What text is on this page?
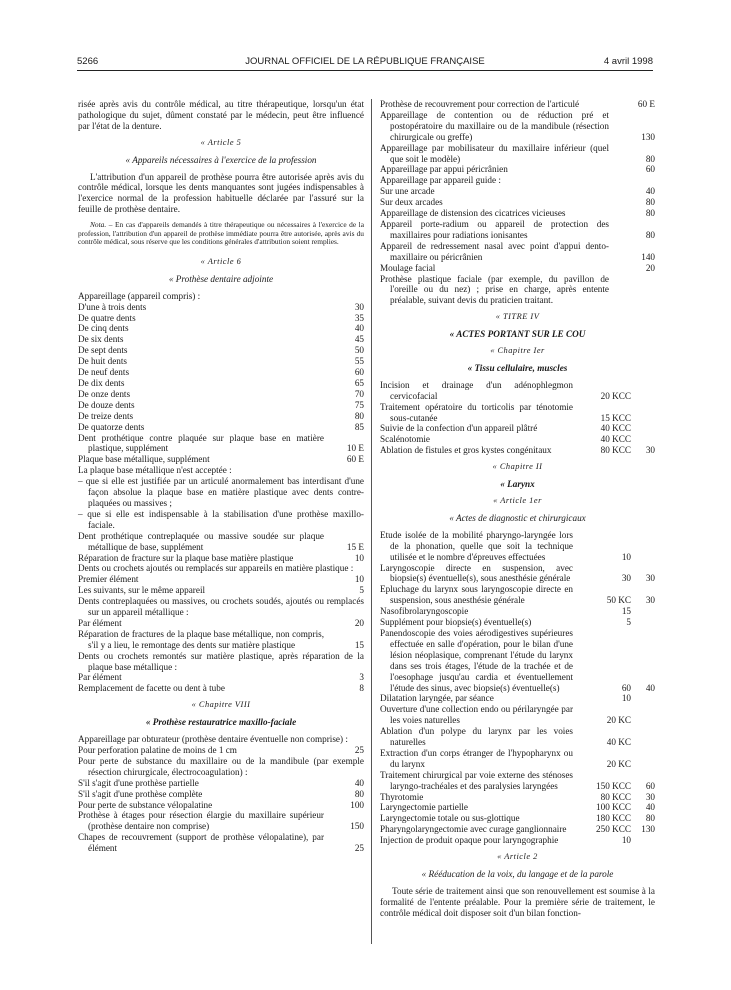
5266	JOURNAL OFFICIEL DE LA RÉPUBLIQUE FRANÇAISE	4 avril 1998

risée après avis du contrôle médical, au titre thérapeutique, lorsqu'un état pathologique du sujet, dûment constaté par le médecin, peut être influencé par l'état de la denture.

« Article 5

« Appareils nécessaires à l'exercice de la profession

L'attribution d'un appareil de prothèse pourra être autorisée après avis du contrôle médical, lorsque les dents manquantes sont jugées indispensables à l'exercice normal de la profession habituelle déclarée par l'assuré sur la feuille de prothèse dentaire.

Nota. – En cas d'appareils demandés à titre thérapeutique ou nécessaires à l'exercice de la profession, l'attribution d'un appareil de prothèse immédiate pourra être autorisée, après avis du contrôle médical, sous réserve que les conditions générales d'attribution soient remplies.

« Article 6

« Prothèse dentaire adjointe

Appareillage (appareil compris) :

D'une à trois dents	30
De quatre dents	35
De cinq dents	40
De six dents	45
De sept dents	50
De huit dents	55
De neuf dents	60
De dix dents	65
De onze dents	70
De douze dents	75
De treize dents	80
De quatorze dents	85
Dent prothétique contre plaquée sur plaque base en matière plastique, supplément	10 E
Plaque base métallique, supplément	60 E

La plaque base métallique n'est acceptée :

– que si elle est justifiée par un articulé anormalement bas interdisant d'une façon absolue la plaque base en matière plastique avec dents contre-plaquées ou massives ;

– que si elle est indispensable à la stabilisation d'une prothèse maxillo-faciale.

Dent prothétique contreplaquée ou massive soudée sur plaque métallique de base, supplément	15 E
Réparation de fracture sur la plaque base matière plastique	10

Dents ou crochets ajoutés ou remplacés sur appareils en matière plastique :

Premier élément	10
Les suivants, sur le même appareil	5

Dents contreplaquées ou massives, ou crochets soudés, ajoutés ou remplacés sur un appareil métallique :

Par élément	20
Réparation de fractures de la plaque base métallique, non compris, s'il y a lieu, le remontage des dents sur matière plastique	15

Dents ou crochets remontés sur matière plastique, après réparation de la plaque base métallique :

Par élément	3
Remplacement de facette ou dent à tube	8

« Chapitre VIII

« Prothèse restauratrice maxillo-faciale

Appareillage par obturateur (prothèse dentaire éventuelle non comprise) :

Pour perforation palatine de moins de 1 cm	25

Pour perte de substance du maxillaire ou de la mandibule (par exemple résection chirurgicale, électrocoagulation) :

S'il s'agit d'une prothèse partielle	40
S'il s'agit d'une prothèse complète	80
Pour perte de substance vélopalatine	100
Prothèse à étages pour résection élargie du maxillaire supérieur (prothèse dentaire non comprise)	150
Chapes de recouvrement (support de prothèse vélopalatine), par élément	25
Prothèse de recouvrement pour correction de l'articulé	60 E
Appareillage de contention ou de réduction pré et postopératoire du maxillaire ou de la mandibule (résection chirurgicale ou greffe)	130
Appareillage par mobilisateur du maxillaire inférieur (quel que soit le modèle)	80
Appareillage par appui péricrânien	60

Appareillage par appareil guide :

Sur une arcade	40
Sur deux arcades	80
Appareillage de distension des cicatrices vicieuses	80
Appareil porte-radium ou appareil de protection des maxillaires pour radiations ionisantes	80
Appareil de redressement nasal avec point d'appui dento-maxillaire ou péricrânien	140
Moulage facial	20

Prothèse plastique faciale (par exemple, du pavillon de l'oreille ou du nez) ; prise en charge, après entente préalable, suivant devis du praticien traitant.

« TITRE IV

« ACTES PORTANT SUR LE COU

« Chapitre Ier

« Tissu cellulaire, muscles

Incision et drainage d'un adénophlegmon cervicofacial	20 KCC
Traitement opératoire du torticolis par ténotomie sous-cutanée	15 KCC
Suivie de la confection d'un appareil plâtré	40 KCC
Scalénotomie	40 KCC
Ablation de fistules et gros kystes congénitaux	80 KCC	30

« Chapitre II

« Larynx

« Article 1er

« Actes de diagnostic et chirurgicaux

Etude isolée de la mobilité pharyngo-laryngée lors de la phonation, quelle que soit la technique utilisée et le nombre d'épreuves effectuées	10
Laryngoscopie directe en suspension, avec biopsie(s) éventuelle(s), sous anesthésie générale	30	30
Epluchage du larynx sous laryngoscopie directe en suspension, sous anesthésie générale	50 KC	30
Nasofibrolaryngoscopie	15
Supplément pour biopsie(s) éventuelle(s)	5
Panendoscopie des voies aérodigestives supérieures effectuée en salle d'opération, pour le bilan d'une lésion néoplasique, comprenant l'étude du larynx dans ses trois étages, l'étude de la trachée et de l'oesophage jusqu'au cardia et éventuellement l'étude des sinus, avec biopsie(s) éventuelle(s)	60	40
Dilatation laryngée, par séance	10
Ouverture d'une collection endo ou périlaryngée par les voies naturelles	20 KC
Ablation d'un polype du larynx par les voies naturelles	40 KC
Extraction d'un corps étranger de l'hypopharynx ou du larynx	20 KC
Traitement chirurgical par voie externe des sténoses laryngo-trachéales et des paralysies laryngées	150 KCC	60
Thyrotomie	80 KCC	30
Laryngectomie partielle	100 KCC	40
Laryngectomie totale ou sus-glottique	180 KCC	80
Pharyngolaryngectomie avec curage ganglionnaire	250 KCC	130
Injection de produit opaque pour laryngographie	10

« Article 2

« Rééducation de la voix, du langage et de la parole

Toute série de traitement ainsi que son renouvellement est soumise à la formalité de l'entente préalable. Pour la première série de traitement, le contrôle médical doit disposer soit d'un bilan fonction-
